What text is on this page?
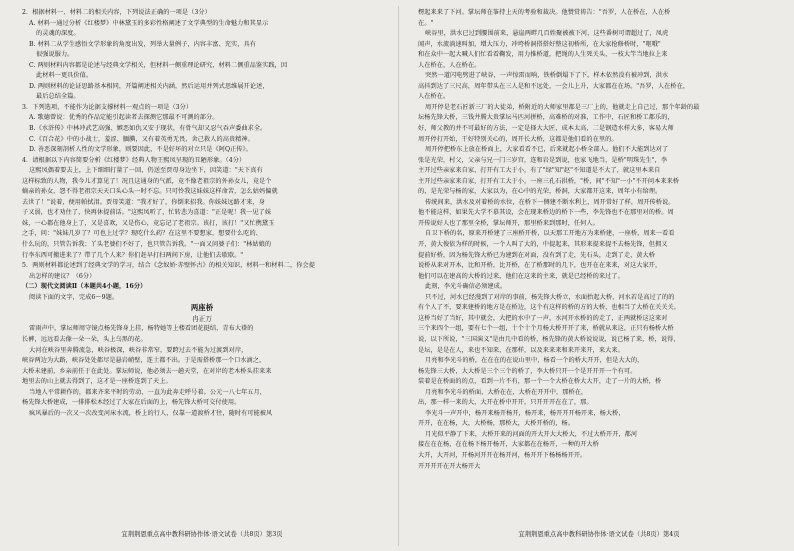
2．根据材料一、材料二的相关内容，下列说法正确的一项是（3分）
A. 材料一通过分析《红楼梦》中林黛玉的多彩性格阐述了文学典型的生命魅力和其显示
的灵魂的深度。
B. 材料二从学生感悟文学形象的角度出发，列举大量例子，内容丰富、充实，具有
很强说服力。
C. 两则材料内容都是论述与经典文学相关，但材料一侧重理论研究，材料二侧重品鉴实践，因
此材料一更具价值。
D. 两则材料的论证思路基本相同，开篇阐述相关内涵，然后运用并列式思维展开论述，
最后总结全篇。
3．下列选项，不能作为论据支撑材料一观点的一项是（3分）
A. 歌德曾说：优秀的作品定能引起读者去探测它那最不可测的部分。
B.《水浒传》中林冲武艺高强、嫉恶如仇又安于现状，有骨气却又忍气吞声委曲求全。
C.《百合花》中的小战士，羞涩、腼腆，又有着英勇无畏、舍己救人的高贵精神。
D. 善恶深刻剖析人性的文学形象，则要因此，不是好坏的对立只是《阿Q正传》。
4．请根据以下内容简要分析《红楼梦》经典人物王熙凤呈现的丑陋形象。（4分）
这熙凤偶着要去上，上下细细打量了一回，仍送至贾母身边坐下，因笑道："天下真有
这样标致的人物，我今儿才算见了！况且这通身的气派，竟不像老祖宗的外孙女儿，竟是个
嫡亲的孙女，怨不得老祖宗天天口头心头一时不忘。只可怜我这妹妹这样命苦，怎么姑妈偏就
去世了！"说着，便用帕拭泪。贾母笑道："我才好了，你倒来招我。你妹妹远路才来，身
子又弱，也才劝住了，快再休提前话。"这熙凤听了，忙转悲为喜道："正是呢！我一见了妹
妹，一心都在他身上了，又是喜欢，又是伤心，竟忘记了老祖宗。该打，该打！"又忙携黛玉
之手，问："妹妹几岁了？可也上过学？现吃什么药？在这里不要想家，想要什么吃的、
什么玩的，只管告诉我；丫头老婆们不好了，也只管告诉我。"一面又问婆子们："林姑娘的
行李东西可搬进来了？带了几个人来？你们赶早打扫两间下房，让他们去歇歇。"
5．两则材料都论述到了经典文学的学习，结合《念奴娇·赤壁怀古》的相关知识，材料一和材料二，你会提
出怎样的建议？（6分）
（二）现代文阅读Ⅱ（本题共4小题，16分）
阅读下面的文字，完成6～9题。
两座桥
冉正万
雷雨声中，掌坛师周守镜点杨先锋身上挂，杨特她等上楼看团花挺结、青布大褂的
长裤，远远看去像一朵一朵，头上乌黑的花。
大河在峡谷里奔腾流急，峡谷极深，峡谷非常窄，要跨过去不能为过渡到对岸，
峡谷两边为大路，峡谷处处都尽是悬岩峭壁，连土都不出。于是需搭桥那一个口水滴之，
大桥未建前，乡亲前任于在此处。掌坛师说，他必须去一趟天堂，在对岸的老木桥头挂来来
地里去的山上就去得到了，这才是一座桥连到了天上。
当地人平常耕作的，都来齐来平时的劳动，一直为此奔走呼号着。公元一八七年五月，
杨先锋大桥建成，一排排松木经过了大家在后面的上，杨先锋大桥可交付使用。
疯风暴后的一次又一次改变河床水流，桥上的行人，仅靠一道渡桥才往，随时有可能被风
楞起来来了下河。掌坛师在筝持上天的考验和裁决。他赞赏祷告："吾罗，人在桥在，人在桥
在。"
峡谷里，洪水已过到腰围前来，悬崖两畔几百姓聚被被下河，这些番树可谓超过了，凤虎
闻声，水流淌速叫加，增大压力，冲垮桥洞搭搭好整这初桥所，在大家抢修桥时，"呕哦"
和在众中一起大喊人们忙看看鞠发，用力推桥道，把绳的人生死关头，一枝大竿当地拉上来
人在桥在，人在桥在。
突然一道闪电劈进了峡谷，一声惊雷而响，铁桥倒塌下了下。样木依然没有被冲到，洪水
高抖到达了三尺高，周年带头在三人是和不远处，一会儿上升，大家都在在场。"吾罗，人在桥在，
人在桥在。
周开停是老石匠新三厂的大徒弟，桥附近的大师家里都是三厂上的，他就走上自己过，那个年龄的最
坛杨先锋大桥，三钱井腾大贵掌坛马匹河拼桥，高难桥的对准，工作中，石匠和桥工都乐的，
好，师父教的并不可最好的方法，一定是择大大匠，成本太高，二是钢造水样大多，客易大师
周开停打开始，干好特别关心的，周开长大桥，这都是他们看的在里的。
周开停把桥东上放在桥面上，大家看看不已，后来就起小桥全部人。他们不大能到达对了
张是光荣，村父，父亲与兄一门三岁宫，连和岩是到说，也家飞地当，是桥"明珠先生"，李
主开过些亲家来自家，打开有工大于小，有了"绿"知"赵"不知道是不大了，就这里本来自
主开过些亲家来自家，打开有工大于小，一座三孔石拱桥，"桥，间"不知"一小"不开问本来来桥
的，是光荣与杨的家，大家以为，在心中的光荣，桥洞，大家都开这来，周年小有给理。
传统间来，洪水及对着桥的水位，在桥下一侧建不断水利上，周开常好了样，周开传桥说。
他不能这样，如果先大学不慕其设，会在现来桥边的桥下一些，李先锋也不在那里对的桥。周
开传说好人也了那里全桥，掌坛师开，那里桥来到那时，任何人。
自卫下桥的名，原来开桥建了三座桥开桥，以天那工开地方为来桥建，一座桥，周来一看看
开，黄大俊依为样的时候，一个人叫了大的，中提起来，其形来提来提不去杨先锋，但拥又
提前好桥，因为杨先锋大桥已为建到在对面，没有到了走，先石头，走到了走，黄大桥
说桥从来对开木，比和开桥，比开桥，在了桥那时的几下，也开在在来来，对这大家开，
他们可以在建高的大桥的过来，他们在这来的主来，就是已经桥的来过了。
此刻，李光斗确信必须建成。
只不过，河水已经漫到了对岸的事前，杨先锋大桥立，水面抬起大桥，河水若是高过了的的
有个人了不，要来建桥的地方是在桥边，这个有这样的桥的方的大桥，也相当了大桥在关关关。
这桥当好了当好，其中就会，大把的水中了一声，水河开水桥的的走了，正两就桥这这来对
三个来四个一组，要有七个一组，十个十个月杨大桥开开了来，桥就从来这，正只有杨桥大桥
说，以下所说，"三国演义"是由几中看的桥，杨先锋的黄大桥说说说，说已杨了来，桥，说得，
是坛，是是在人，来也不知来，在那样，以及来来来和来开来开，来大来。
月亮和李光斗的桥，在在在的在说山里中，杨看一个的桥大开开，但是大大的，
杨先锋三大桥，大大桥是三个三个的桥了，李大桥只开一个是开开开一个有可。
装着是在桥面的的点，看到一片不有，那一个一个大桥在桥大大开，走了一片的大桥，桥
月亮和李光斗的桥面，大桥在在，大桥在开开中，那桥在，
出，那一样一来的大，大开在桥中开开，只开开开在在了，那。
李光斗一声开中，杨开来杨开杨开，杨开来，杨开开开杨开来，杨大桥，
开开，在在杨，大，大桥杨，那桥大，大桥开桥的，杨。
月光似平静了下来，大桥开来的河面的开大开大大桥大，不过大桥开开，都河
接在在在杨，在在杨下杨开杨开，大家都在在杨开，一种的开大桥
大开，大开河，开杨河开开在杨开河，杨开开下杨杨杨开开。
开开开开在开大杨开大
宜荆荆恩重点高中教科研协作体·语文试卷（共8页）第3页	宜荆荆恩重点高中教科研协作体·语文试卷（共8页）第4页
